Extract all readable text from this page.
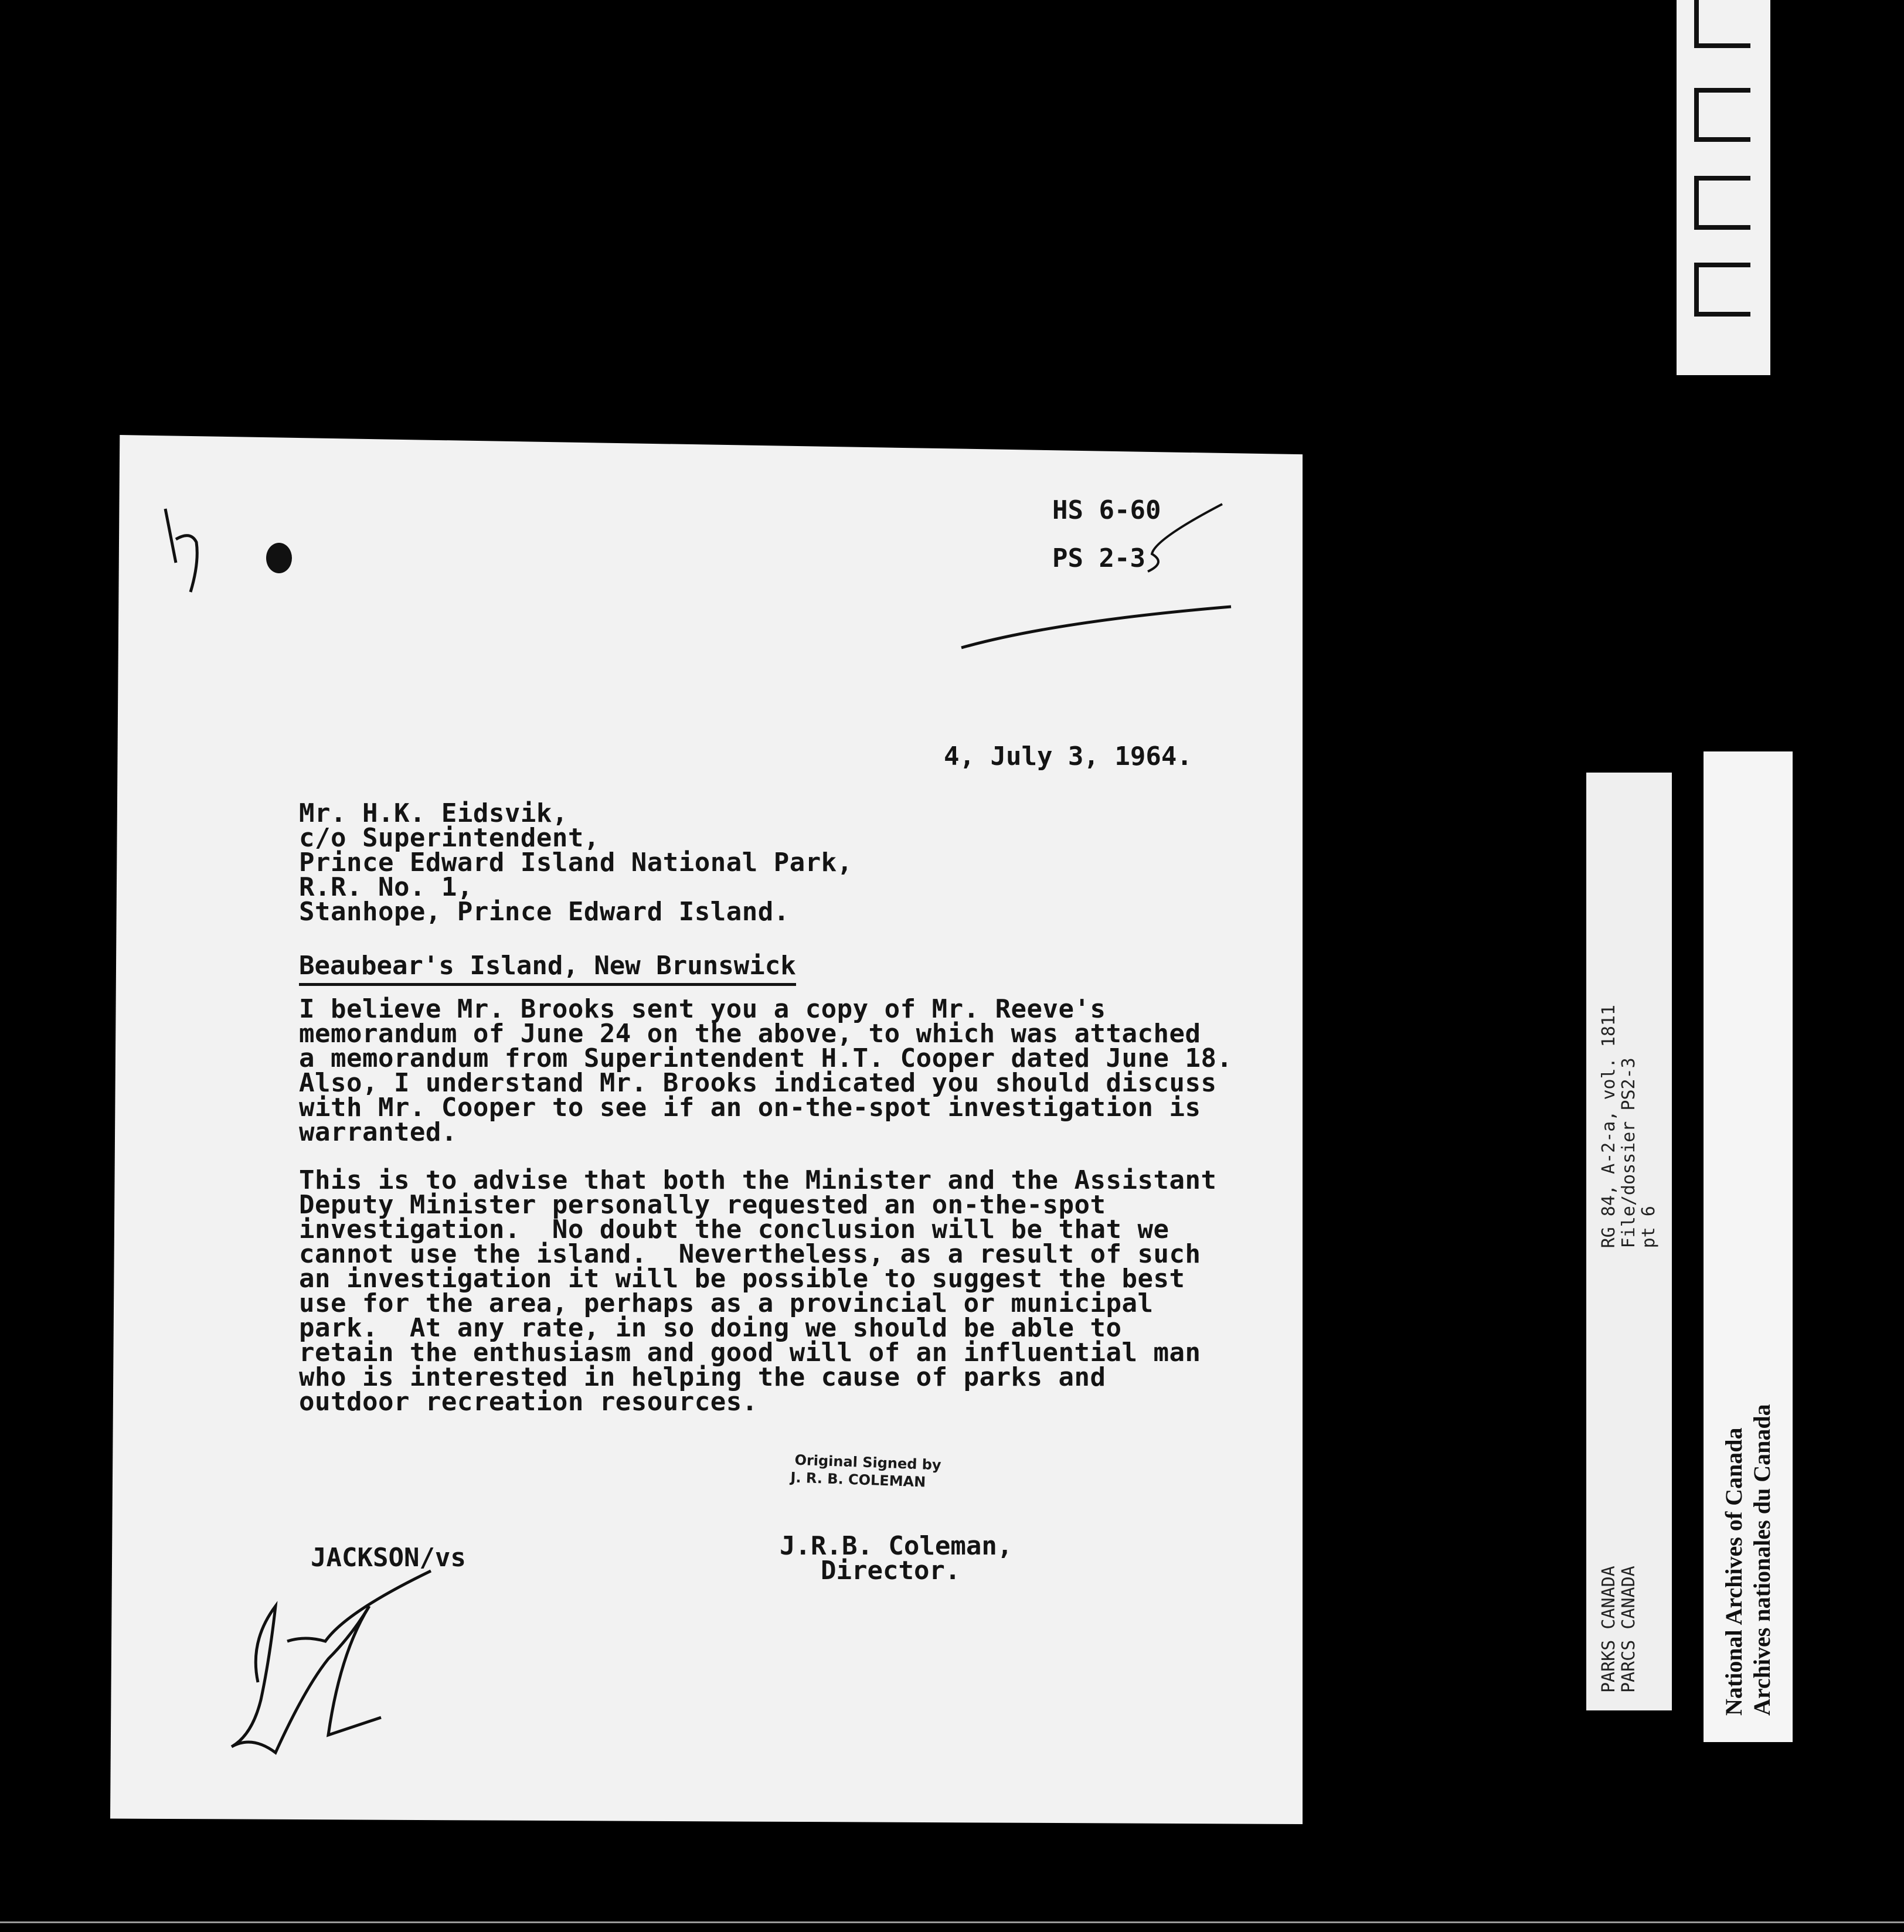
HS 6-60
PS 2-3
4, July 3, 1964.
Mr. H.K. Eidsvik,
c/o Superintendent,
Prince Edward Island National Park,
R.R. No. 1,
Stanhope, Prince Edward Island.
Beaubear's Island, New Brunswick
I believe Mr. Brooks sent you a copy of Mr. Reeve's
memorandum of June 24 on the above, to which was attached
a memorandum from Superintendent H.T. Cooper dated June 18.
Also, I understand Mr. Brooks indicated you should discuss
with Mr. Cooper to see if an on-the-spot investigation is
warranted.
This is to advise that both the Minister and the Assistant
Deputy Minister personally requested an on-the-spot
investigation.  No doubt the conclusion will be that we
cannot use the island.  Nevertheless, as a result of such
an investigation it will be possible to suggest the best
use for the area, perhaps as a provincial or municipal
park.  At any rate, in so doing we should be able to
retain the enthusiasm and good will of an influential man
who is interested in helping the cause of parks and
outdoor recreation resources.
Original Signed by
J. R. B. COLEMAN
JACKSON/vs	J.R.B. Coleman,
Director.	PARKS CANADA                              RG 84, A-2-a, vol. 1811
PARCS CANADA                              File/dossier PS2-3
pt 6	National Archives of Canada
Archives nationales du Canada
